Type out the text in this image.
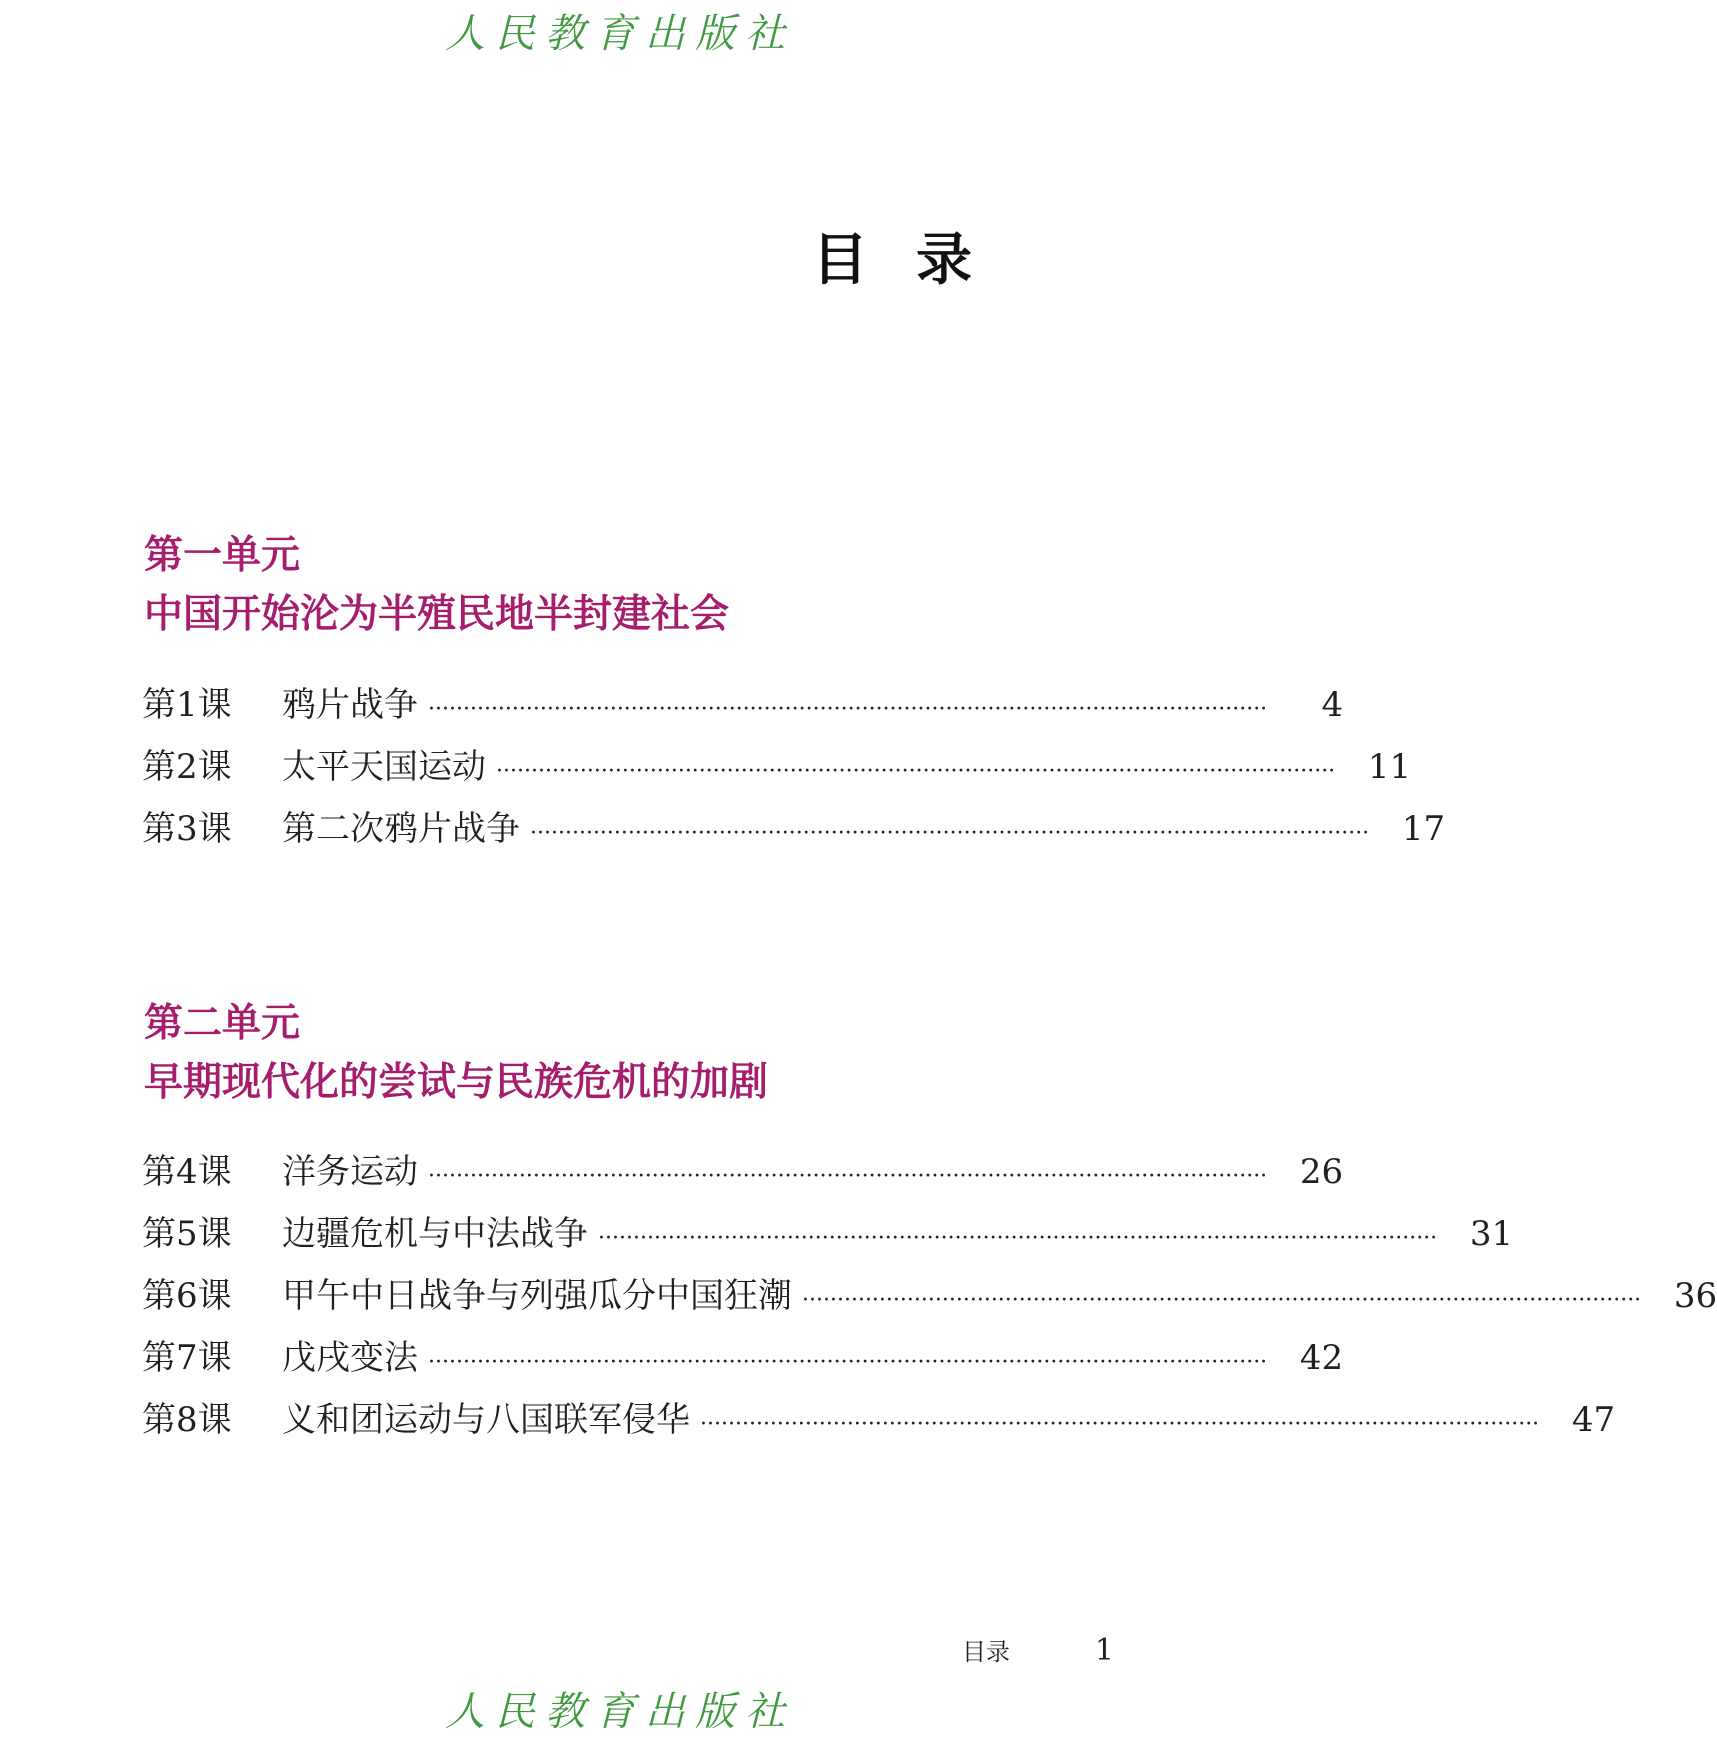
人民教育出版社
目录
第一单元
中国开始沦为半殖民地半封建社会
第1课	鸦片战争 ························································································································	4
第2课	太平天国运动 ························································································································ 11
第3课	第二次鸦片战争 ························································································································ 17
第二单元
早期现代化的尝试与民族危机的加剧
第4课	洋务运动 ························································································································ 26
第5课	边疆危机与中法战争 ························································································································ 31
第6课	甲午中日战争与列强瓜分中国狂潮 ························································································································ 36
第7课	戊戌变法 ························································································································ 42
第8课	义和团运动与八国联军侵华 ························································································································ 47
目录	1
人民教育出版社
